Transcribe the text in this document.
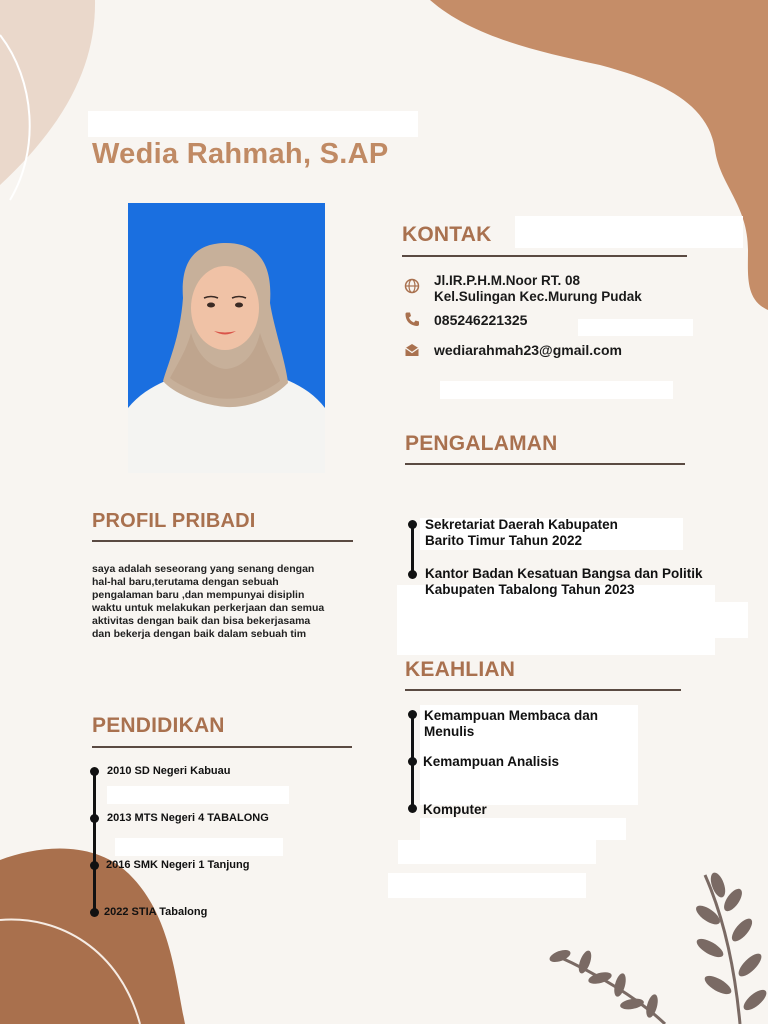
Wedia Rahmah, S.AP
KONTAK
Jl.IR.P.H.M.Noor RT. 08
Kel.Sulingan Kec.Murung Pudak
085246221325
wediarahmah23@gmail.com
PENGALAMAN
Sekretariat Daerah Kabupaten
Barito Timur Tahun 2022
Kantor Badan Kesatuan Bangsa dan Politik
Kabupaten Tabalong Tahun 2023
KEAHLIAN
Kemampuan Membaca dan
Menulis
Kemampuan Analisis
Komputer
PROFIL PRIBADI
saya adalah seseorang yang senang dengan
hal-hal baru,terutama dengan sebuah
pengalaman baru ,dan mempunyai disiplin
waktu untuk melakukan perkerjaan dan semua
aktivitas dengan baik dan bisa bekerjasama
dan bekerja dengan baik dalam sebuah tim
PENDIDIKAN
2010 SD Negeri Kabuau
2013 MTS Negeri 4 TABALONG
2016 SMK Negeri 1 Tanjung
2022 STIA Tabalong
